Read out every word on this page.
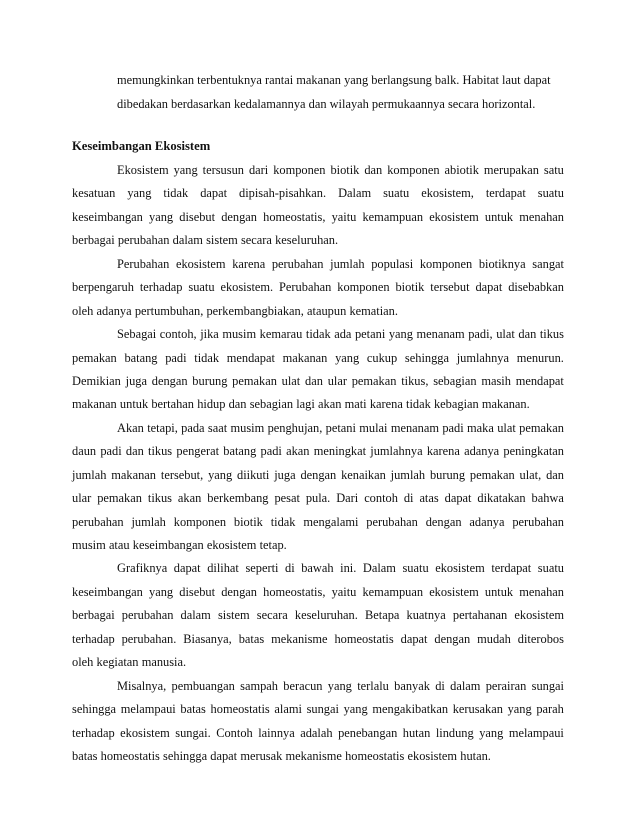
memungkinkan terbentuknya rantai makanan yang berlangsung balk. Habitat laut dapat
dibedakan berdasarkan kedalamannya dan wilayah permukaannya secara horizontal.
Keseimbangan Ekosistem
Ekosistem yang tersusun dari komponen biotik dan komponen abiotik merupakan satu
kesatuan yang tidak dapat dipisah-pisahkan. Dalam suatu ekosistem, terdapat suatu
keseimbangan yang disebut dengan homeostatis, yaitu kemampuan ekosistem untuk menahan
berbagai perubahan dalam sistem secara keseluruhan.
Perubahan ekosistem karena perubahan jumlah populasi komponen biotiknya sangat
berpengaruh terhadap suatu ekosistem. Perubahan komponen biotik tersebut dapat disebabkan
oleh adanya pertumbuhan, perkembangbiakan, ataupun kematian.
Sebagai contoh, jika musim kemarau tidak ada petani yang menanam padi, ulat dan tikus
pemakan batang padi tidak mendapat makanan yang cukup sehingga jumlahnya menurun.
Demikian juga dengan burung pemakan ulat dan ular pemakan tikus, sebagian masih mendapat
makanan untuk bertahan hidup dan sebagian lagi akan mati karena tidak kebagian makanan.
Akan tetapi, pada saat musim penghujan, petani mulai menanam padi maka ulat pemakan
daun padi dan tikus pengerat batang padi akan meningkat jumlahnya karena adanya peningkatan
jumlah makanan tersebut, yang diikuti juga dengan kenaikan jumlah burung pemakan ulat, dan
ular pemakan tikus akan berkembang pesat pula. Dari contoh di atas dapat dikatakan bahwa
perubahan jumlah komponen biotik tidak mengalami perubahan dengan adanya perubahan
musim atau keseimbangan ekosistem tetap.
Grafiknya dapat dilihat seperti di bawah ini. Dalam suatu ekosistem terdapat suatu
keseimbangan yang disebut dengan homeostatis, yaitu kemampuan ekosistem untuk menahan
berbagai perubahan dalam sistem secara keseluruhan. Betapa kuatnya pertahanan ekosistem
terhadap perubahan. Biasanya, batas mekanisme homeostatis dapat dengan mudah diterobos
oleh kegiatan manusia.
Misalnya, pembuangan sampah beracun yang terlalu banyak di dalam perairan sungai
sehingga melampaui batas homeostatis alami sungai yang mengakibatkan kerusakan yang parah
terhadap ekosistem sungai. Contoh lainnya adalah penebangan hutan lindung yang melampaui
batas homeostatis sehingga dapat merusak mekanisme homeostatis ekosistem hutan.
